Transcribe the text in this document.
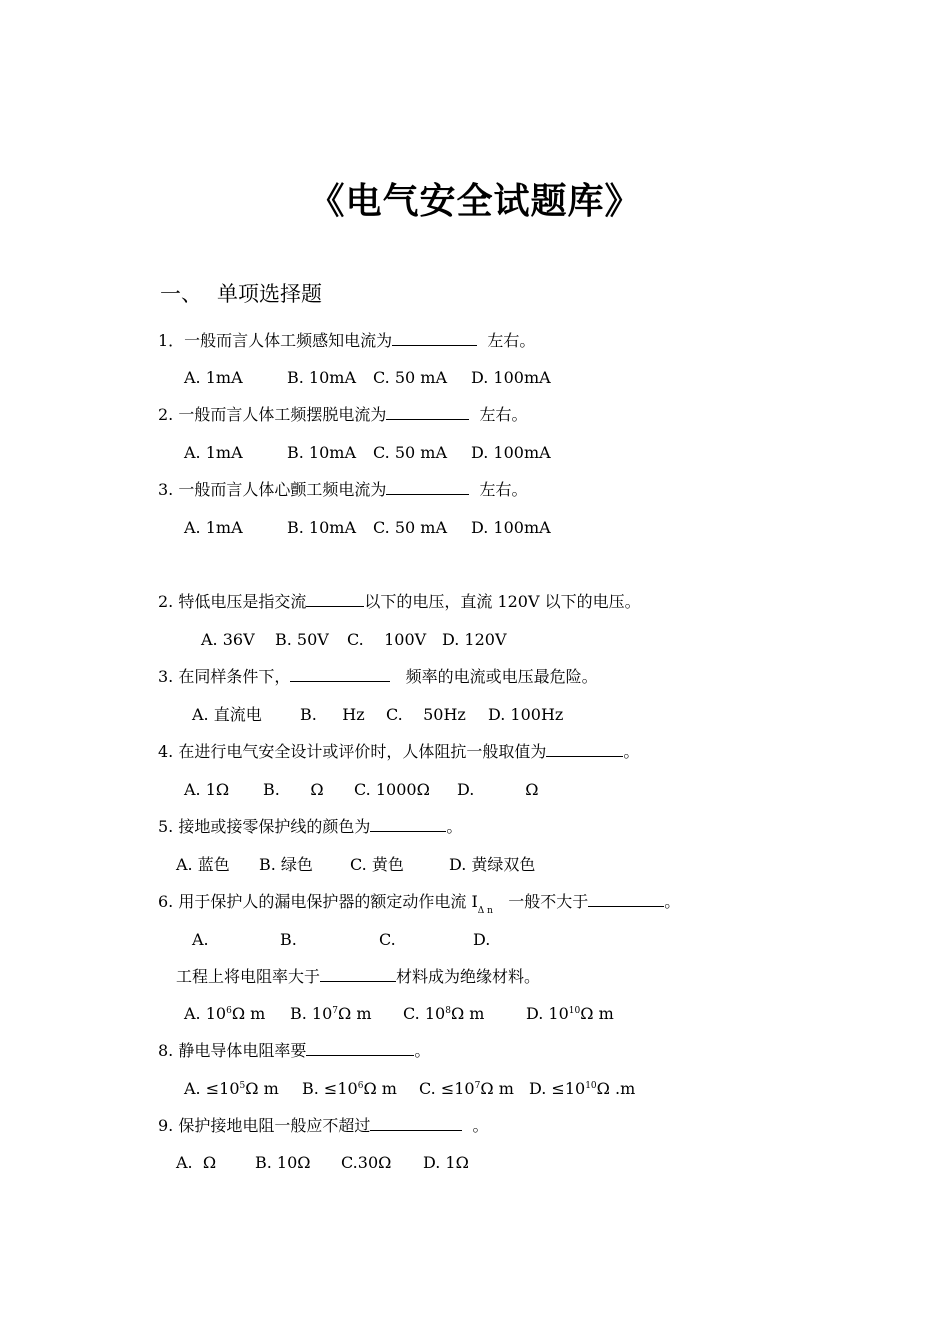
《电气安全试题库》
一、 单项选择题
1．一般而言人体工频感知电流为	左右。
A. 1mA	B. 10mA C. 50 mA D. 100mA
2. 一般而言人体工频摆脱电流为	左右。
A. 1mA	B. 10mA C. 50 mA D. 100mA
3. 一般而言人体心颤工频电流为	左右。
A. 1mA	B. 10mA C. 50 mA D. 100mA
2. 特低电压是指交流	以下的电压，直流 120V 以下的电压。
A. 36V B. 50V C. 100V D. 120V
3. 在同样条件下，	频率的电流或电压最危险。
A. 直流电 B. Hz C. 50Hz D. 100Hz
4. 在进行电气安全设计或评价时，人体阻抗一般取值为	。
A. 1Ω B. Ω C. 1000Ω D.	Ω
5. 接地或接零保护线的颜色为	。
A. 蓝色 B. 绿色 C. 黄色	D. 黄绿双色
6. 用于保护人的漏电保护器的额定动作电流 $I_{\Delta n}$ 一般不大于	。
A.	B.	C.	D.
工程上将电阻率大于	材料成为绝缘材料。
A. $10^6\Omega$ m B. $10^7\Omega$ m C. $10^8\Omega$ m	D. $10^{10}\Omega$ m
8. 静电导体电阻率要	。
A. $\le 10^5\Omega$ m B. $\le 10^6\Omega$ m C. $\le 10^7\Omega$ m D. $\le 10^{10}\Omega$ .m
9. 保护接地电阻一般应不超过	。
A. Ω B. 10Ω C.30Ω D. 1Ω
